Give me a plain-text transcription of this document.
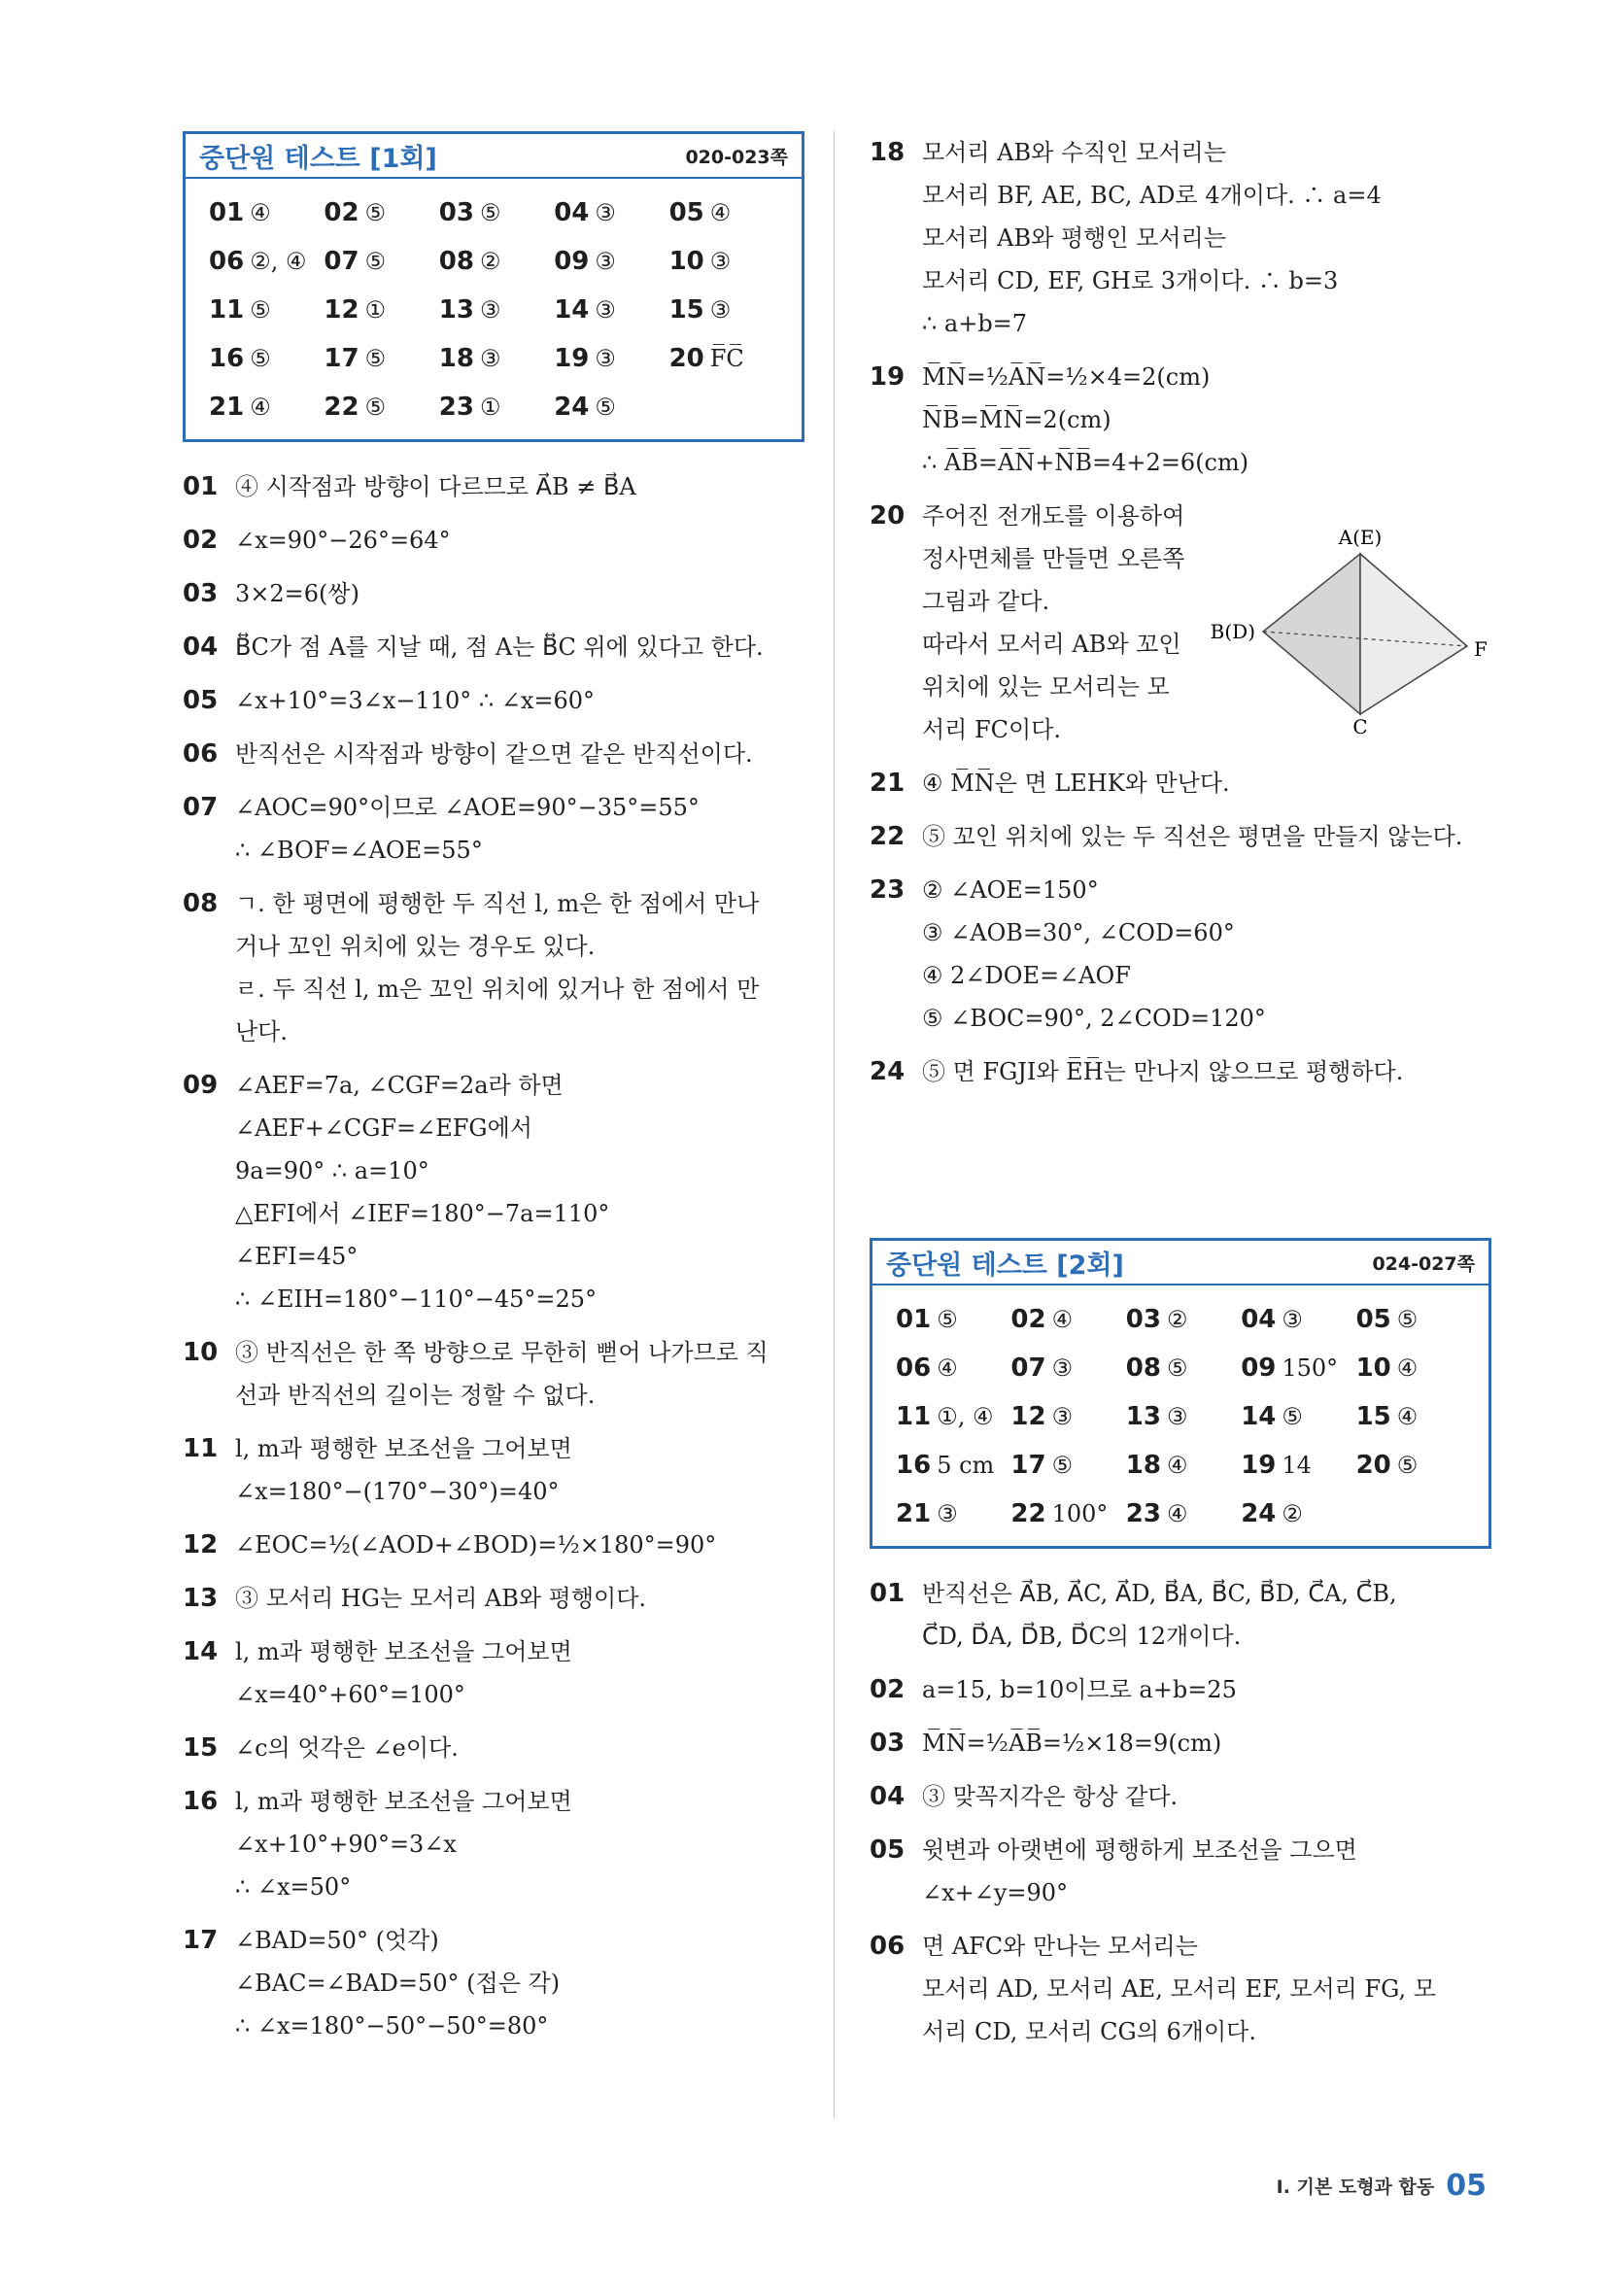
중단원 테스트 [1회]	020-023쪽
01 ④	02 ⑤	03 ⑤	04 ③	05 ④
06 ②, ④ 07 ⑤	08 ②	09 ③	10 ③
11 ⑤	12 ①	13 ③	14 ③	15 ③
16 ⑤	17 ⑤	18 ③	19 ③	20 F̅C̅
21 ④	22 ⑤	23 ①	24 ⑤
01 ④ 시작점과 방향이 다르므로 A⃗B ≠ B⃗A
02 ∠x=90°−26°=64°
03 3×2=6(쌍)
04 B⃡C가 점 A를 지날 때, 점 A는 B⃡C 위에 있다고 한다.
05 ∠x+10°=3∠x−110° ∴ ∠x=60°
06 반직선은 시작점과 방향이 같으면 같은 반직선이다.
07 ∠AOC=90°이므로 ∠AOE=90°−35°=55°
∴ ∠BOF=∠AOE=55°
08 ㄱ. 한 평면에 평행한 두 직선 l, m은 한 점에서 만나
거나 꼬인 위치에 있는 경우도 있다.
ㄹ. 두 직선 l, m은 꼬인 위치에 있거나 한 점에서 만
난다.
09 ∠AEF=7a, ∠CGF=2a라 하면
∠AEF+∠CGF=∠EFG에서
9a=90° ∴ a=10°
△EFI에서 ∠IEF=180°−7a=110°
∠EFI=45°
∴ ∠EIH=180°−110°−45°=25°
10 ③ 반직선은 한 쪽 방향으로 무한히 뻗어 나가므로 직
선과 반직선의 길이는 정할 수 없다.
11 l, m과 평행한 보조선을 그어보면
∠x=180°−(170°−30°)=40°
12 ∠EOC=½(∠AOD+∠BOD)=½×180°=90°
13 ③ 모서리 HG는 모서리 AB와 평행이다.
14 l, m과 평행한 보조선을 그어보면
∠x=40°+60°=100°
15 ∠c의 엇각은 ∠e이다.
16 l, m과 평행한 보조선을 그어보면
∠x+10°+90°=3∠x
∴ ∠x=50°
17 ∠BAD=50° (엇각)
∠BAC=∠BAD=50° (접은 각)
∴ ∠x=180°−50°−50°=80°
18 모서리 AB와 수직인 모서리는
모서리 BF, AE, BC, AD로 4개이다. ∴ a=4
모서리 AB와 평행인 모서리는
모서리 CD, EF, GH로 3개이다. ∴ b=3
∴ a+b=7
19 M̅N̅=½A̅N̅=½×4=2(cm)
N̅B̅=M̅N̅=2(cm)
∴ A̅B̅=A̅N̅+N̅B̅=4+2=6(cm)
20 주어진 전개도를 이용하여
정사면체를 만들면 오른쪽
그림과 같다.
따라서 모서리 AB와 꼬인
위치에 있는 모서리는 모
서리 FC이다.
21 ④ M̅N̅은 면 LEHK와 만난다.
22 ⑤ 꼬인 위치에 있는 두 직선은 평면을 만들지 않는다.
23 ② ∠AOE=150°
③ ∠AOB=30°, ∠COD=60°
④ 2∠DOE=∠AOF
⑤ ∠BOC=90°, 2∠COD=120°
24 ⑤ 면 FGJI와 E̅H̅는 만나지 않으므로 평행하다.
중단원 테스트 [2회]	024-027쪽
01 ⑤	02 ④	03 ②	04 ③	05 ⑤
06 ④	07 ③	08 ⑤	09 150° 10 ④
11 ①, ④ 12 ③	13 ③	14 ⑤	15 ④
16 5 cm 17 ⑤	18 ④	19 14	20 ⑤
21 ③	22 100° 23 ④	24 ②
01 반직선은 A⃗B, A⃗C, A⃗D, B⃗A, B⃗C, B⃗D, C⃗A, C⃗B,
C⃗D, D⃗A, D⃗B, D⃗C의 12개이다.
02 a=15, b=10이므로 a+b=25
03 M̅N̅=½A̅B̅=½×18=9(cm)
04 ③ 맞꼭지각은 항상 같다.
05 윗변과 아랫변에 평행하게 보조선을 그으면
∠x+∠y=90°
06 면 AFC와 만나는 모서리는
모서리 AD, 모서리 AE, 모서리 EF, 모서리 FG, 모
서리 CD, 모서리 CG의 6개이다.
A(E)
B(D)
F
C
Ⅰ. 기본 도형과 합동 05
